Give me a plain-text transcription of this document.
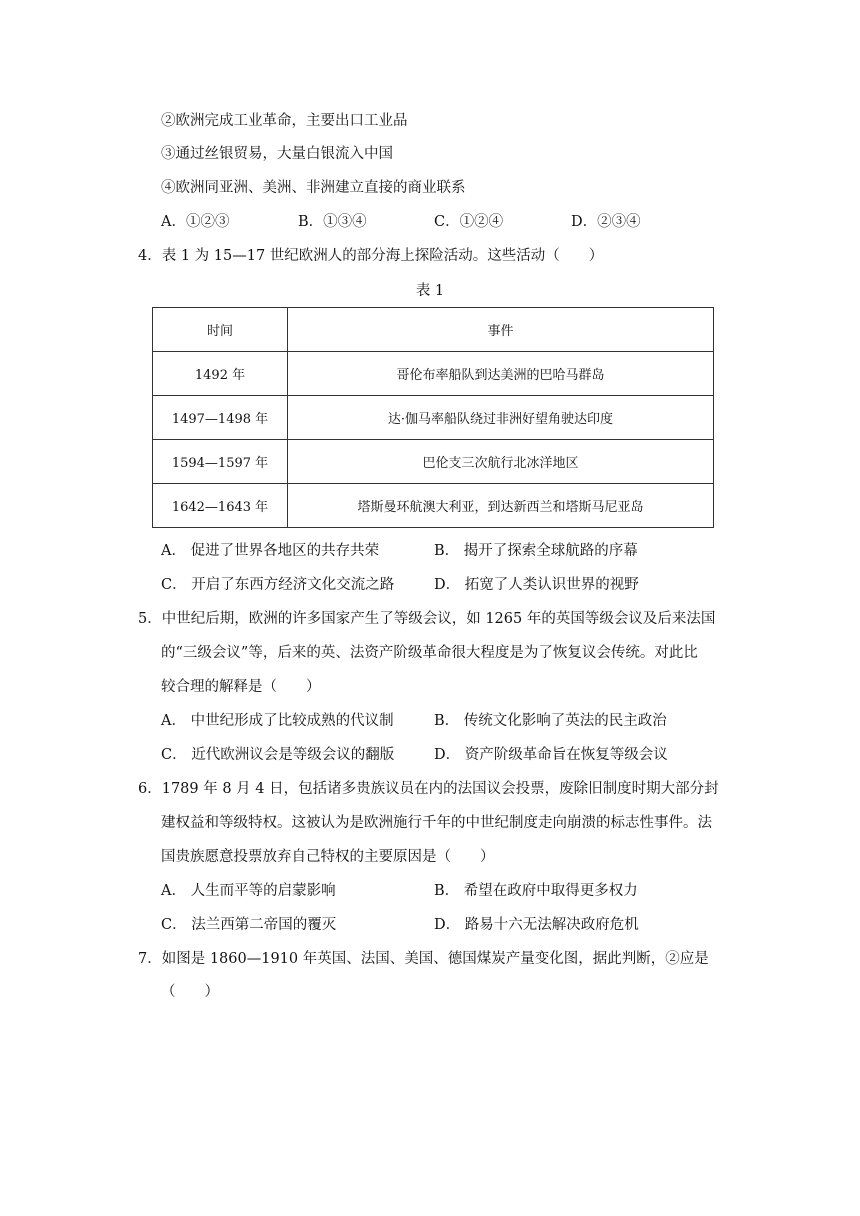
②欧洲完成工业革命，主要出口工业品
③通过丝银贸易，大量白银流入中国
④欧洲同亚洲、美洲、非洲建立直接的商业联系
A．①②③	B．①③④	C．①②④	D．②③④
4．表 1 为 15—17 世纪欧洲人的部分海上探险活动。这些活动（　　）
表 1
时间	事件
1492 年	哥伦布率船队到达美洲的巴哈马群岛
1497—1498 年	达·伽马率船队绕过非洲好望角驶达印度
1594—1597 年	巴伦支三次航行北冰洋地区
1642—1643 年	塔斯曼环航澳大利亚，到达新西兰和塔斯马尼亚岛
A． 促进了世界各地区的共存共荣	B． 揭开了探索全球航路的序幕
C． 开启了东西方经济文化交流之路	D． 拓宽了人类认识世界的视野
5．中世纪后期，欧洲的许多国家产生了等级会议，如 1265 年的英国等级会议及后来法国
的“三级会议”等，后来的英、法资产阶级革命很大程度是为了恢复议会传统。对此比
较合理的解释是（　　）
A． 中世纪形成了比较成熟的代议制	B． 传统文化影响了英法的民主政治
C． 近代欧洲议会是等级会议的翻版	D． 资产阶级革命旨在恢复等级会议
6．1789 年 8 月 4 日，包括诸多贵族议员在内的法国议会投票，废除旧制度时期大部分封
建权益和等级特权。这被认为是欧洲施行千年的中世纪制度走向崩溃的标志性事件。法
国贵族愿意投票放弃自己特权的主要原因是（　　）
A． 人生而平等的启蒙影响	B． 希望在政府中取得更多权力
C． 法兰西第二帝国的覆灭	D． 路易十六无法解决政府危机
7．如图是 1860—1910 年英国、法国、美国、德国煤炭产量变化图，据此判断，②应是
（　　）
